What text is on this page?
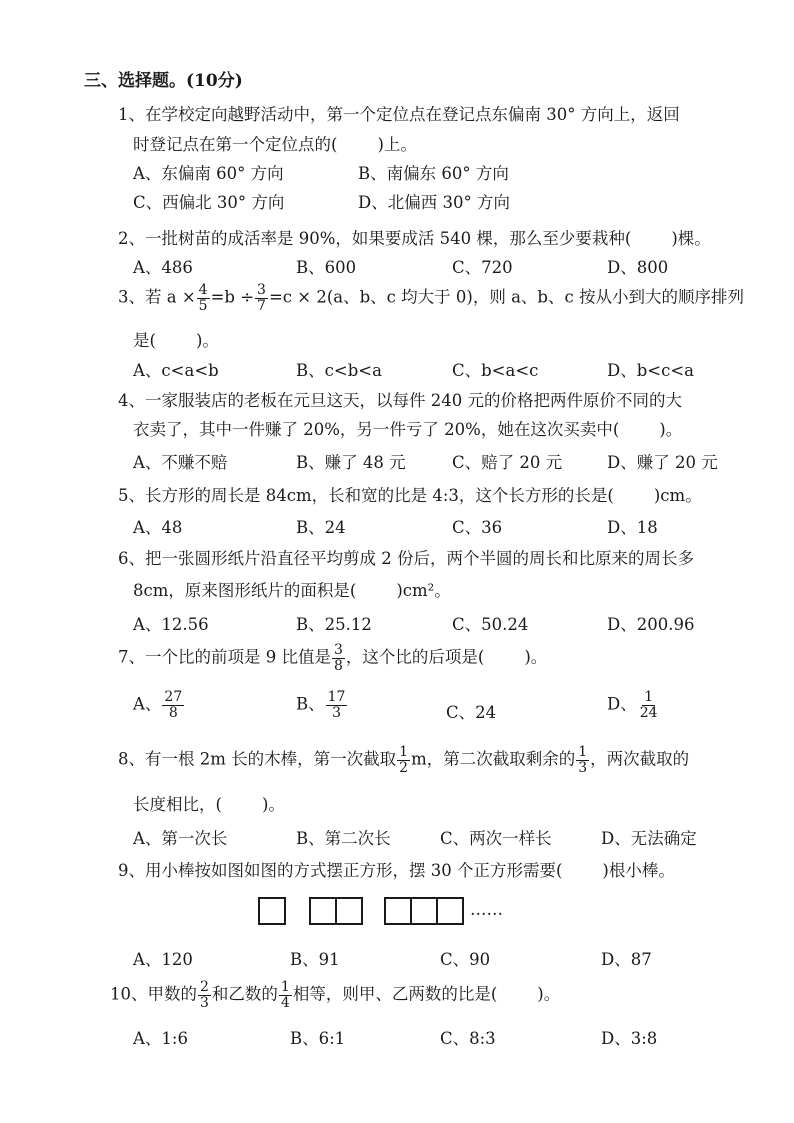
三、选择题。(10分)
1、在学校定向越野活动中，第一个定位点在登记点东偏南 30° 方向上，返回
时登记点在第一个定位点的( )上。
A、东偏南 60° 方向	B、南偏东 60° 方向
C、西偏北 30° 方向	D、北偏西 30° 方向
2、一批树苗的成活率是 90%，如果要成活 540 棵，那么至少要栽种( )棵。
A、486	B、600	C、720	D、800
3、若 $a \times \frac{4}{5} =b \div \frac{3}{7} =c \times 2(a$、b、c 均大于 0)，则 a、b、c 按从小到大的顺序排列
是( )。
A、c<a<b	B、c<b<a	C、b<a<c	D、b<c<a
4、一家服装店的老板在元旦这天，以每件 240 元的价格把两件原价不同的大
衣卖了，其中一件赚了 20%，另一件亏了 20%，她在这次买卖中( )。
A、不赚不赔	B、赚了 48 元	C、赔了 20 元	D、赚了 20 元
5、长方形的周长是 84cm，长和宽的比是 4:3，这个长方形的长是( )cm。
A、48	B、24	C、36	D、18
6、把一张圆形纸片沿直径平均剪成 2 份后，两个半圆的周长和比原来的周长多
8cm，原来图形纸片的面积是( )cm²。
A、12.56	B、25.12	C、50.24	D、200.96
7、一个比的前项是 9 比值是 $\frac{3}{8}$ ，这个比的后项是( )。
A、 $\frac{27}{8}$	B、 $\frac{17}{3}$	C、24	D、 $\frac{1}{24}$
8、有一根 2m 长的木棒，第一次截取 $\frac{1}{2}$ m，第二次截取剩余的 $\frac{1}{3}$ ，两次截取的
长度相比，( )。
A、第一次长	B、第二次长	C、两次一样长	D、无法确定
9、用小棒按如图如图的方式摆正方形，摆 30 个正方形需要( )根小棒。
……
A、120	B、91	C、90	D、87
10、甲数的 $\frac{2}{3}$ 和乙数的 $\frac{1}{4}$ 相等，则甲、乙两数的比是( )。
A、1:6	B、6:1	C、8:3	D、3:8
